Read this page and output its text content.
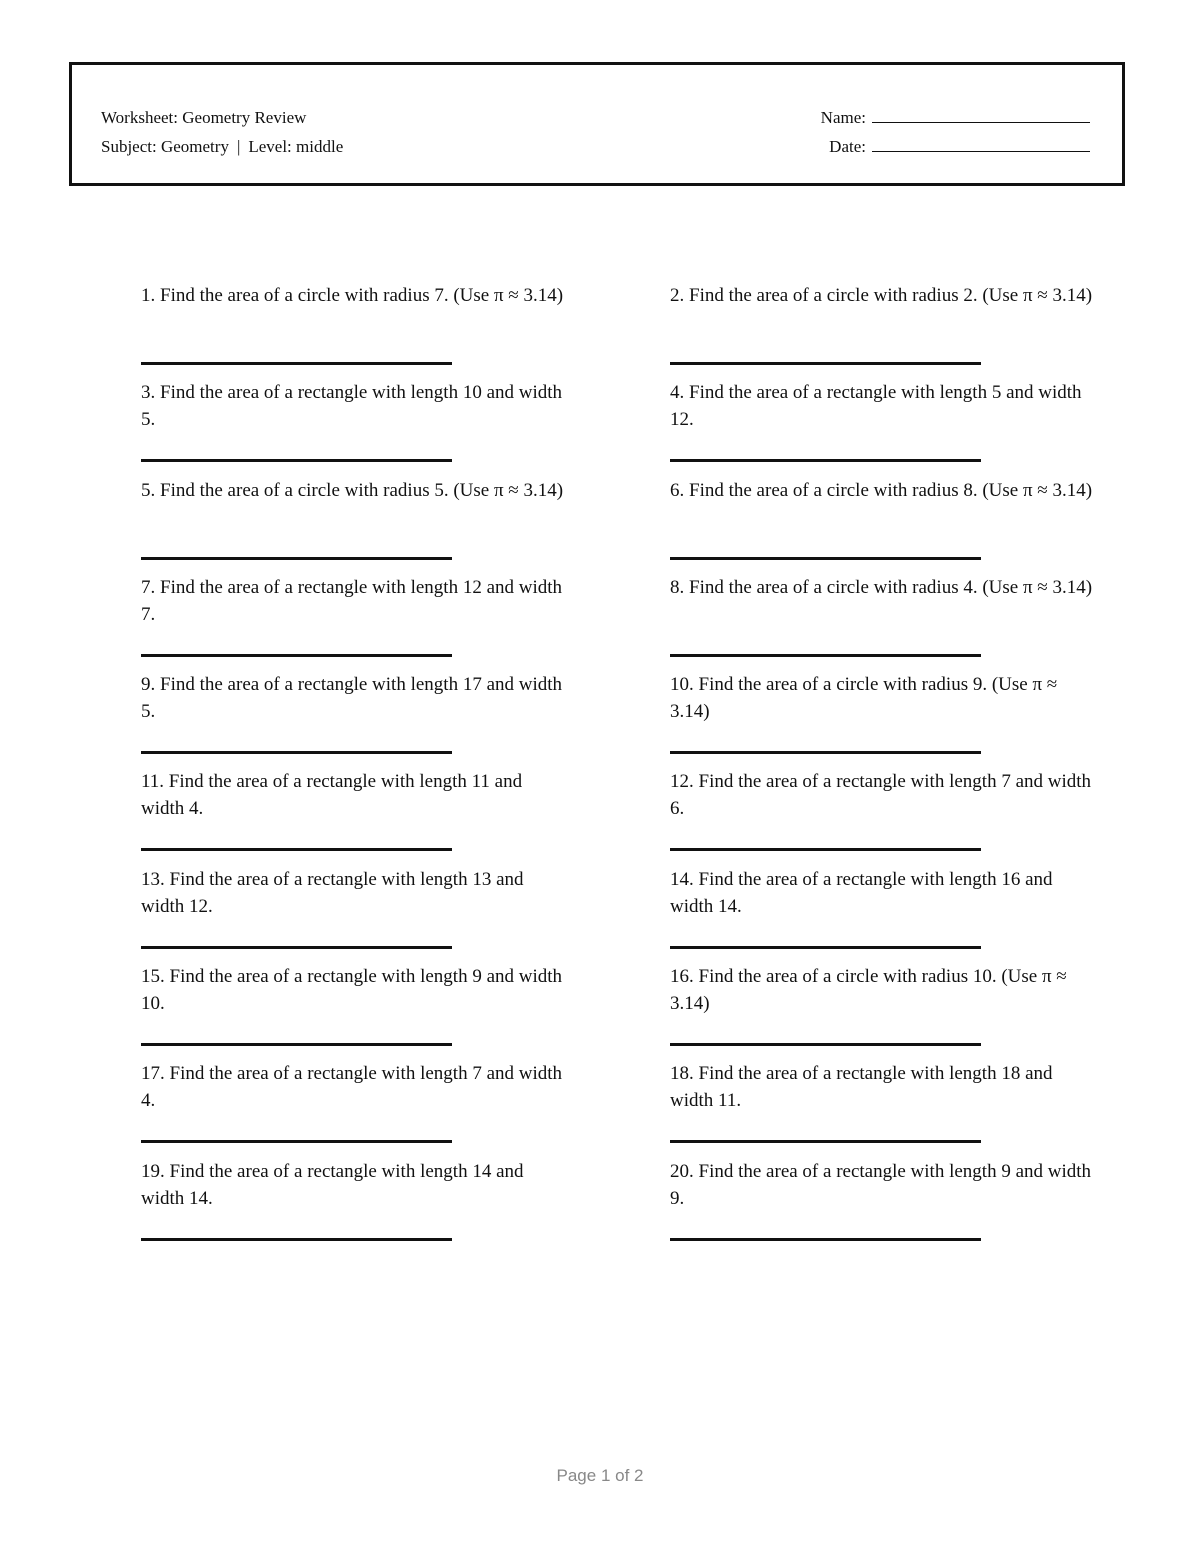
Worksheet: Geometry Review
Subject: Geometry | Level: middle
Name:
Date:
1. Find the area of a circle with radius 7. (Use π ≈ 3.14)	2. Find the area of a circle with radius 2. (Use π ≈ 3.14)
3. Find the area of a rectangle with length 10 and width 5.
4. Find the area of a rectangle with length 5 and width 12.
5. Find the area of a circle with radius 5. (Use π ≈ 3.14)	6. Find the area of a circle with radius 8. (Use π ≈ 3.14)
7. Find the area of a rectangle with length 12 and width 7.
8. Find the area of a circle with radius 4. (Use π ≈ 3.14)
9. Find the area of a rectangle with length 17 and width 5.
10. Find the area of a circle with radius 9. (Use π ≈ 3.14)
11. Find the area of a rectangle with length 11 and width 4.
12. Find the area of a rectangle with length 7 and width 6.
13. Find the area of a rectangle with length 13 and width 12.
14. Find the area of a rectangle with length 16 and width 14.
15. Find the area of a rectangle with length 9 and width 10.
16. Find the area of a circle with radius 10. (Use π ≈ 3.14)
17. Find the area of a rectangle with length 7 and width 4.
18. Find the area of a rectangle with length 18 and width 11.
19. Find the area of a rectangle with length 14 and width 14.
20. Find the area of a rectangle with length 9 and width 9.
Page 1 of 2
